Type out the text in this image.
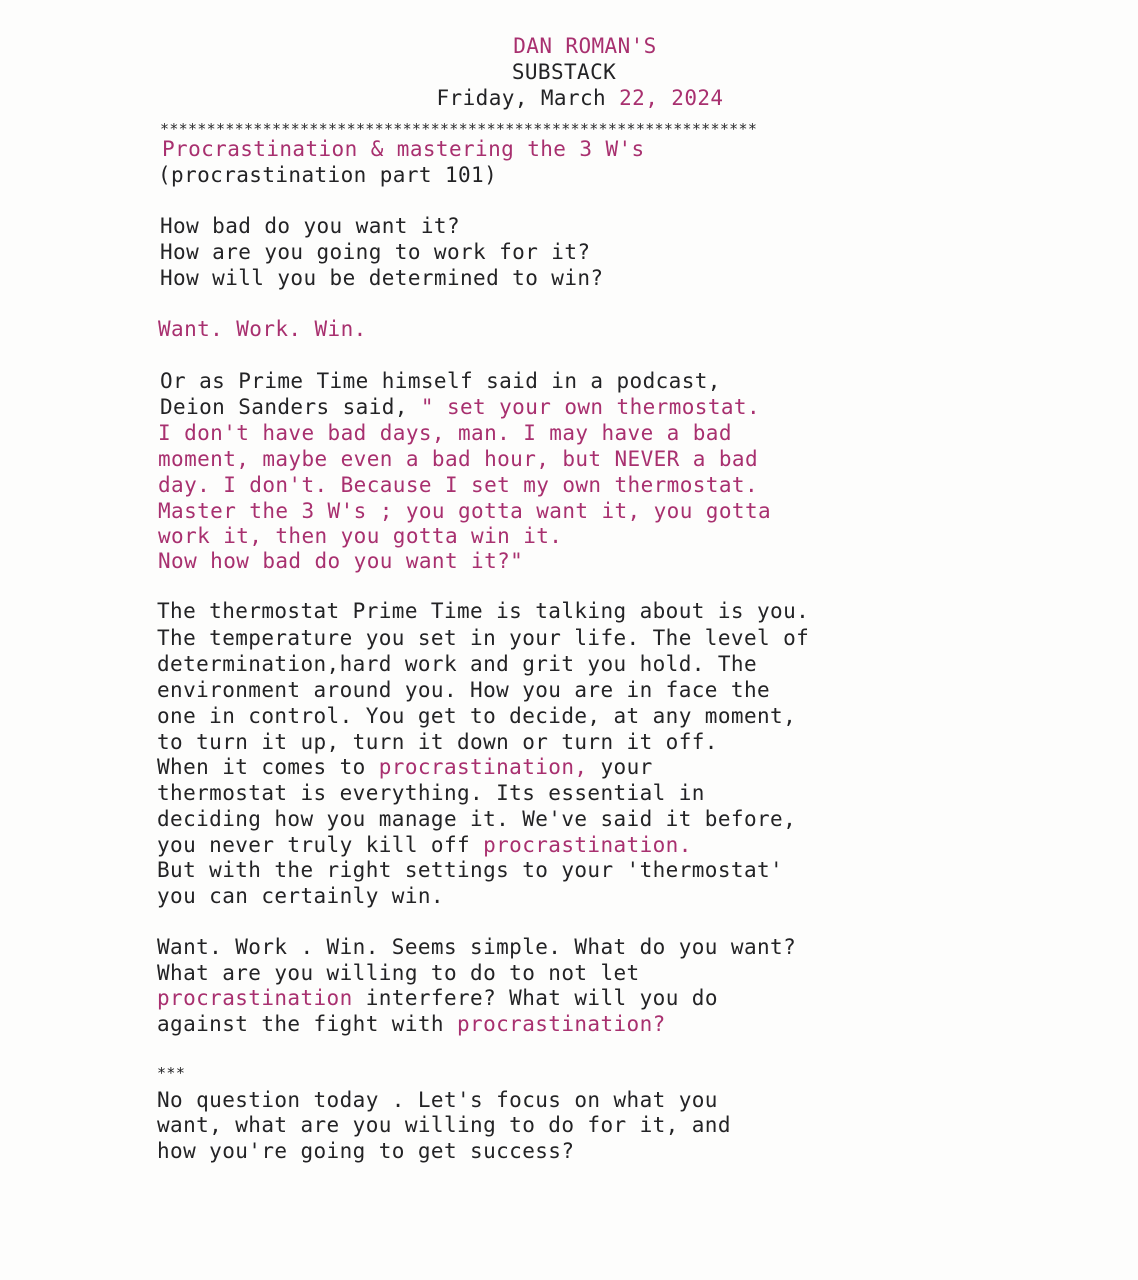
DAN ROMAN'S
SUBSTACK
Friday, March 22, 2024
****************************************************************
Procrastination & mastering the 3 W's
(procrastination part 101)
How bad do you want it?
How are you going to work for it?
How will you be determined to win?
Want. Work. Win.
Or as Prime Time himself said in a podcast,
Deion Sanders said, " set your own thermostat.
I don't have bad days, man. I may have a bad
moment, maybe even a bad hour, but NEVER a bad
day. I don't. Because I set my own thermostat.
Master the 3 W's ; you gotta want it, you gotta
work it, then you gotta win it.
Now how bad do you want it?"
The thermostat Prime Time is talking about is you.
The temperature you set in your life. The level of
determination,hard work and grit you hold. The
environment around you. How you are in face the
one in control. You get to decide, at any moment,
to turn it up, turn it down or turn it off.
When it comes to procrastination, your
thermostat is everything. Its essential in
deciding how you manage it. We've said it before,
you never truly kill off procrastination.
But with the right settings to your 'thermostat'
you can certainly win.
Want. Work . Win. Seems simple. What do you want?
What are you willing to do to not let
procrastination interfere? What will you do
against the fight with procrastination?
***
No question today . Let's focus on what you
want, what are you willing to do for it, and
how you're going to get success?
